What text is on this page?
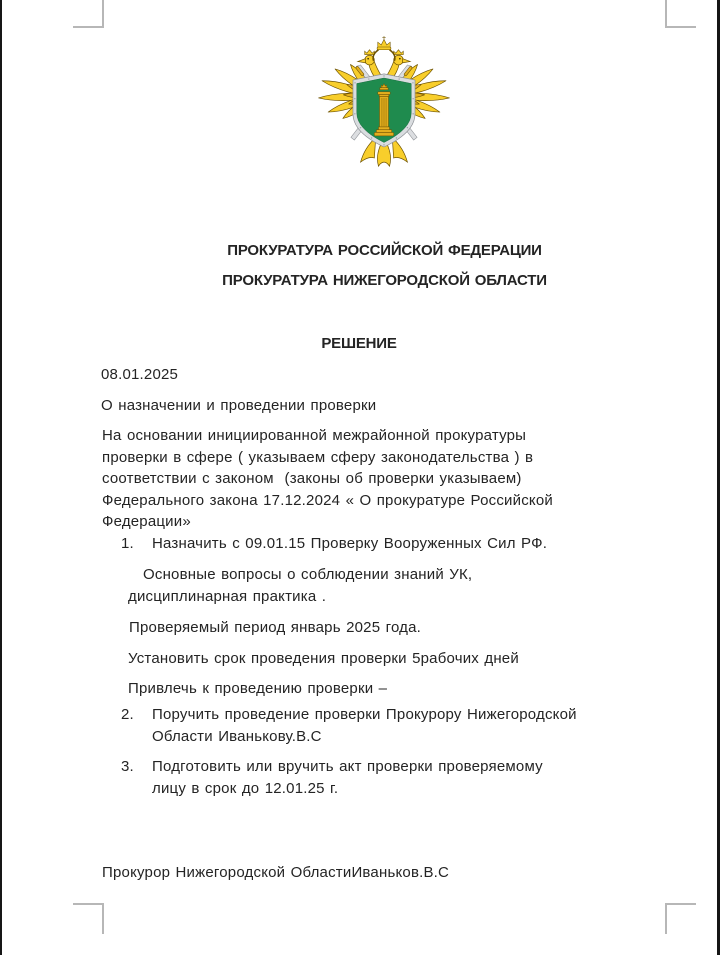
ПРОКУРАТУРА РОССИЙСКОЙ ФЕДЕРАЦИИ
ПРОКУРАТУРА НИЖЕГОРОДСКОЙ ОБЛАСТИ
РЕШЕНИЕ
08.01.2025
О назначении и проведении проверки
На основании инициированной межрайонной прокуратуры
проверки в сфере ( указываем сферу законодательства ) в
соответствии с законом  (законы об проверки указываем)
Федерального закона 17.12.2024 « О прокуратуре Российской
Федерации»
1. Назначить с 09.01.15 Проверку Вооруженных Сил РФ.
Основные вопросы о соблюдении знаний УК,
дисциплинарная практика .
Проверяемый период январь 2025 года.
Установить срок проведения проверки 5рабочих дней
Привлечь к проведению проверки –
2. Поручить проведение проверки Прокурору Нижегородской
Области Иванькову.В.С
3. Подготовить или вручить акт проверки проверяемому
лицу в срок до 12.01.25 г.
Прокурор Нижегородской ОбластиИваньков.В.С
